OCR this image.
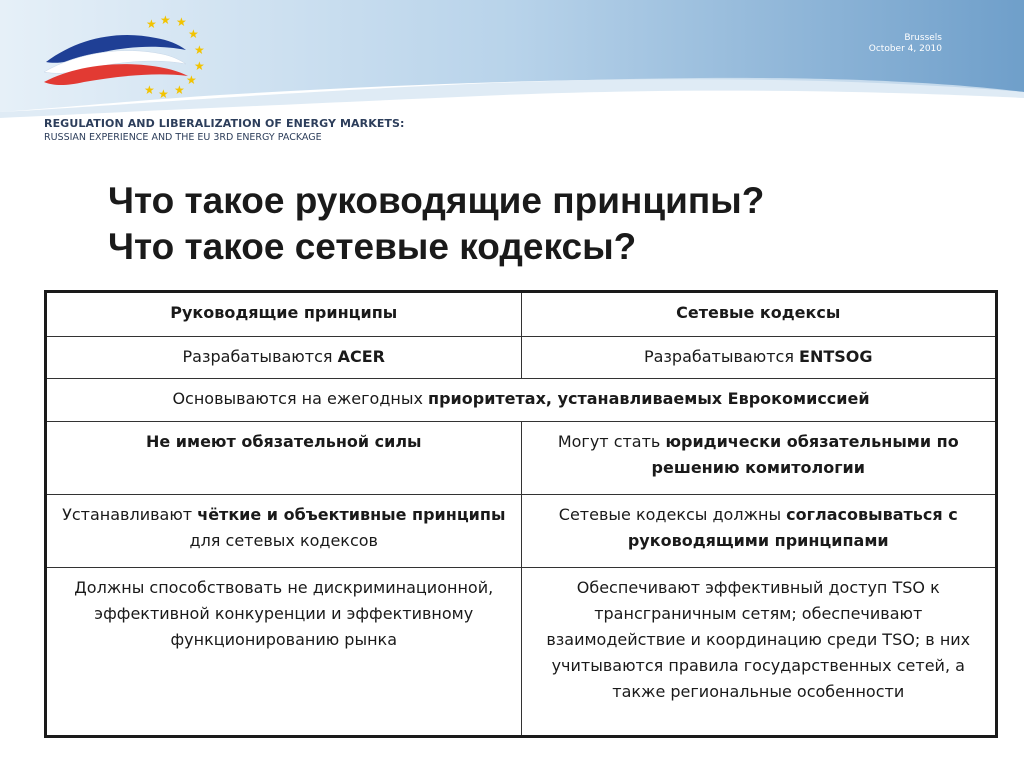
★ ★ ★
★
★
★
★
★
★
★
Brussels
October 4, 2010
REGULATION AND LIBERALIZATION OF ENERGY MARKETS:
RUSSIAN EXPERIENCE AND THE EU 3RD ENERGY PACKAGE
Что такое руководящие принципы?
Что такое сетевые кодексы?
Руководящие принципы	Сетевые кодексы
Разрабатываются ACER	Разрабатываются ENTSOG
Основываются на ежегодных приоритетах, устанавливаемых Еврокомиссией	
Не имеют обязательной силы	Могут стать юридически обязательными по решению комитологии
Устанавливают чёткие и объективные принципы для сетевых кодексов	Сетевые кодексы должны согласовываться с руководящими принципами
Должны способствовать не дискриминационной, эффективной конкуренции и эффективному функционированию рынка	Обеспечивают эффективный доступ TSO к трансграничным сетям; обеспечивают взаимодействие и координацию среди TSO; в них учитываются правила государственных сетей, а также региональные особенности
